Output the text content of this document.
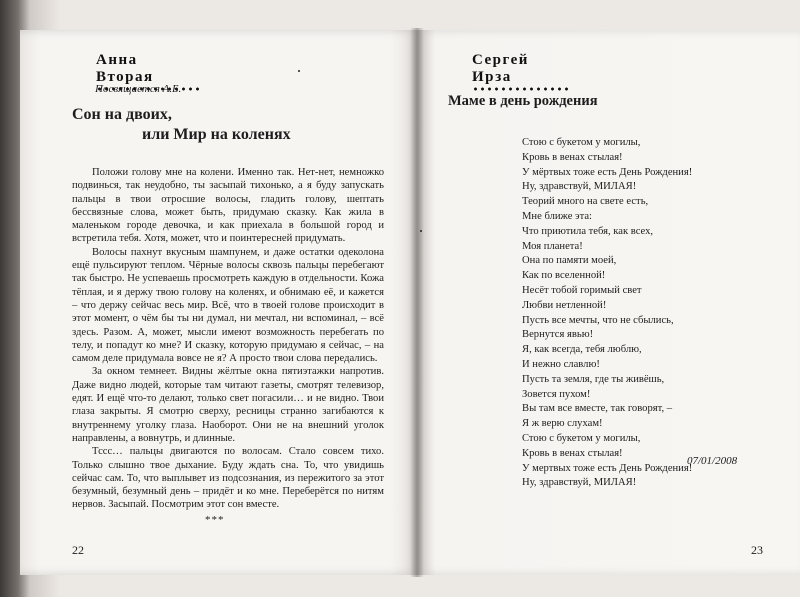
Анна Вторая
Посвящается А.Б.
Сон на двоих,
или Мир на коленях

Положи голову мне на колени. Именно так. Нет-нет, немножко подвинься, так неудобно, ты засыпай тихонько, а я буду запускать пальцы в твои отросшие волосы, гладить голову, шептать бессвязные слова, может быть, придумаю сказку. Как жила в маленьком городе девочка, и как приехала в большой город и встретила тебя. Хотя, может, что и поинтересней придумать.

Волосы пахнут вкусным шампунем, и даже остатки одеколона ещё пульсируют теплом. Чёрные волосы сквозь пальцы перебегают так быстро. Не успеваешь просмотреть каждую в отдельности. Кожа тёплая, и я держу твою голову на коленях, и обнимаю её, и кажется – что держу сейчас весь мир. Всё, что в твоей голове происходит в этот момент, о чём бы ты ни думал, ни мечтал, ни вспоминал, – всё здесь. Разом. А, может, мысли имеют возможность перебегать по телу, и попадут ко мне? И сказку, которую придумаю я сейчас, – на самом деле придумала вовсе не я? А просто твои слова передались.

За окном темнеет. Видны жёлтые окна пятиэтажки напротив. Даже видно людей, которые там читают газеты, смотрят телевизор, едят. И ещё что-то делают, только свет погасили… и не видно. Твои глаза закрыты. Я смотрю сверху, ресницы странно загибаются к внутреннему уголку глаза. Наоборот. Они не на внешний уголок направлены, а вовнутрь, и длинные.

Тссс… пальцы двигаются по волосам. Стало совсем тихо. Только слышно твое дыхание. Буду ждать сна. То, что увидишь сейчас сам. То, что выплывет из подсознания, из пережитого за этот безумный, безумный день – придёт и ко мне. Переберётся по нитям нервов. Засыпай. Посмотрим этот сон вместе.

***
22
Сергей Ирза
Маме в день рождения
Стою с букетом у могилы,
Кровь в венах стылая!
У мёртвых тоже есть День Рождения!
Ну, здравствуй, МИЛАЯ!
Теорий много на свете есть,
Мне ближе эта:
Что приютила тебя, как всех,
Моя планета!
Она по памяти моей,
Как по вселенной!
Несёт тобой горимый свет
Любви нетленной!
Пусть все мечты, что не сбылись,
Вернутся явью!
Я, как всегда, тебя люблю,
И нежно славлю!
Пусть та земля, где ты живёшь,
Зовется пухом!
Вы там все вместе, так говорят, –
Я ж верю слухам!
Стою с букетом у могилы,
Кровь в венах стылая!
У мертвых тоже есть День Рождения!
Ну, здравствуй, МИЛАЯ!
07/01/2008
23
